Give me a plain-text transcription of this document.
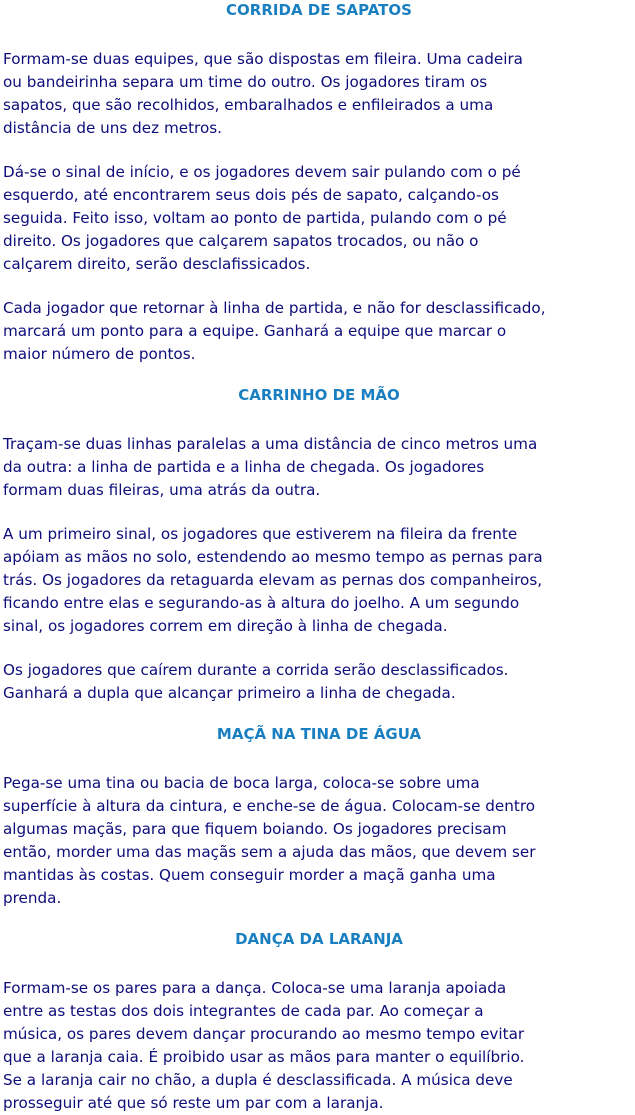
CORRIDA DE SAPATOS

Formam-se duas equipes, que são dispostas em fileira. Uma cadeira
ou bandeirinha separa um time do outro. Os jogadores tiram os
sapatos, que são recolhidos, embaralhados e enfileirados a uma
distância de uns dez metros.

Dá-se o sinal de início, e os jogadores devem sair pulando com o pé
esquerdo, até encontrarem seus dois pés de sapato, calçando-os
seguida. Feito isso, voltam ao ponto de partida, pulando com o pé
direito. Os jogadores que calçarem sapatos trocados, ou não o
calçarem direito, serão desclafissicados.

Cada jogador que retornar à linha de partida, e não for desclassificado,
marcará um ponto para a equipe. Ganhará a equipe que marcar o
maior número de pontos.

CARRINHO DE MÃO

Traçam-se duas linhas paralelas a uma distância de cinco metros uma
da outra: a linha de partida e a linha de chegada. Os jogadores
formam duas fileiras, uma atrás da outra.

A um primeiro sinal, os jogadores que estiverem na fileira da frente
apóiam as mãos no solo, estendendo ao mesmo tempo as pernas para
trás. Os jogadores da retaguarda elevam as pernas dos companheiros,
ficando entre elas e segurando-as à altura do joelho. A um segundo
sinal, os jogadores correm em direção à linha de chegada.

Os jogadores que caírem durante a corrida serão desclassificados.
Ganhará a dupla que alcançar primeiro a linha de chegada.

MAÇÃ NA TINA DE ÁGUA

Pega-se uma tina ou bacia de boca larga, coloca-se sobre uma
superfície à altura da cintura, e enche-se de água. Colocam-se dentro
algumas maçãs, para que fiquem boiando. Os jogadores precisam
então, morder uma das maçãs sem a ajuda das mãos, que devem ser
mantidas às costas. Quem conseguir morder a maçã ganha uma
prenda.

DANÇA DA LARANJA

Formam-se os pares para a dança. Coloca-se uma laranja apoiada
entre as testas dos dois integrantes de cada par. Ao começar a
música, os pares devem dançar procurando ao mesmo tempo evitar
que a laranja caia. É proibido usar as mãos para manter o equilíbrio.
Se a laranja cair no chão, a dupla é desclassificada. A música deve
prosseguir até que só reste um par com a laranja.
